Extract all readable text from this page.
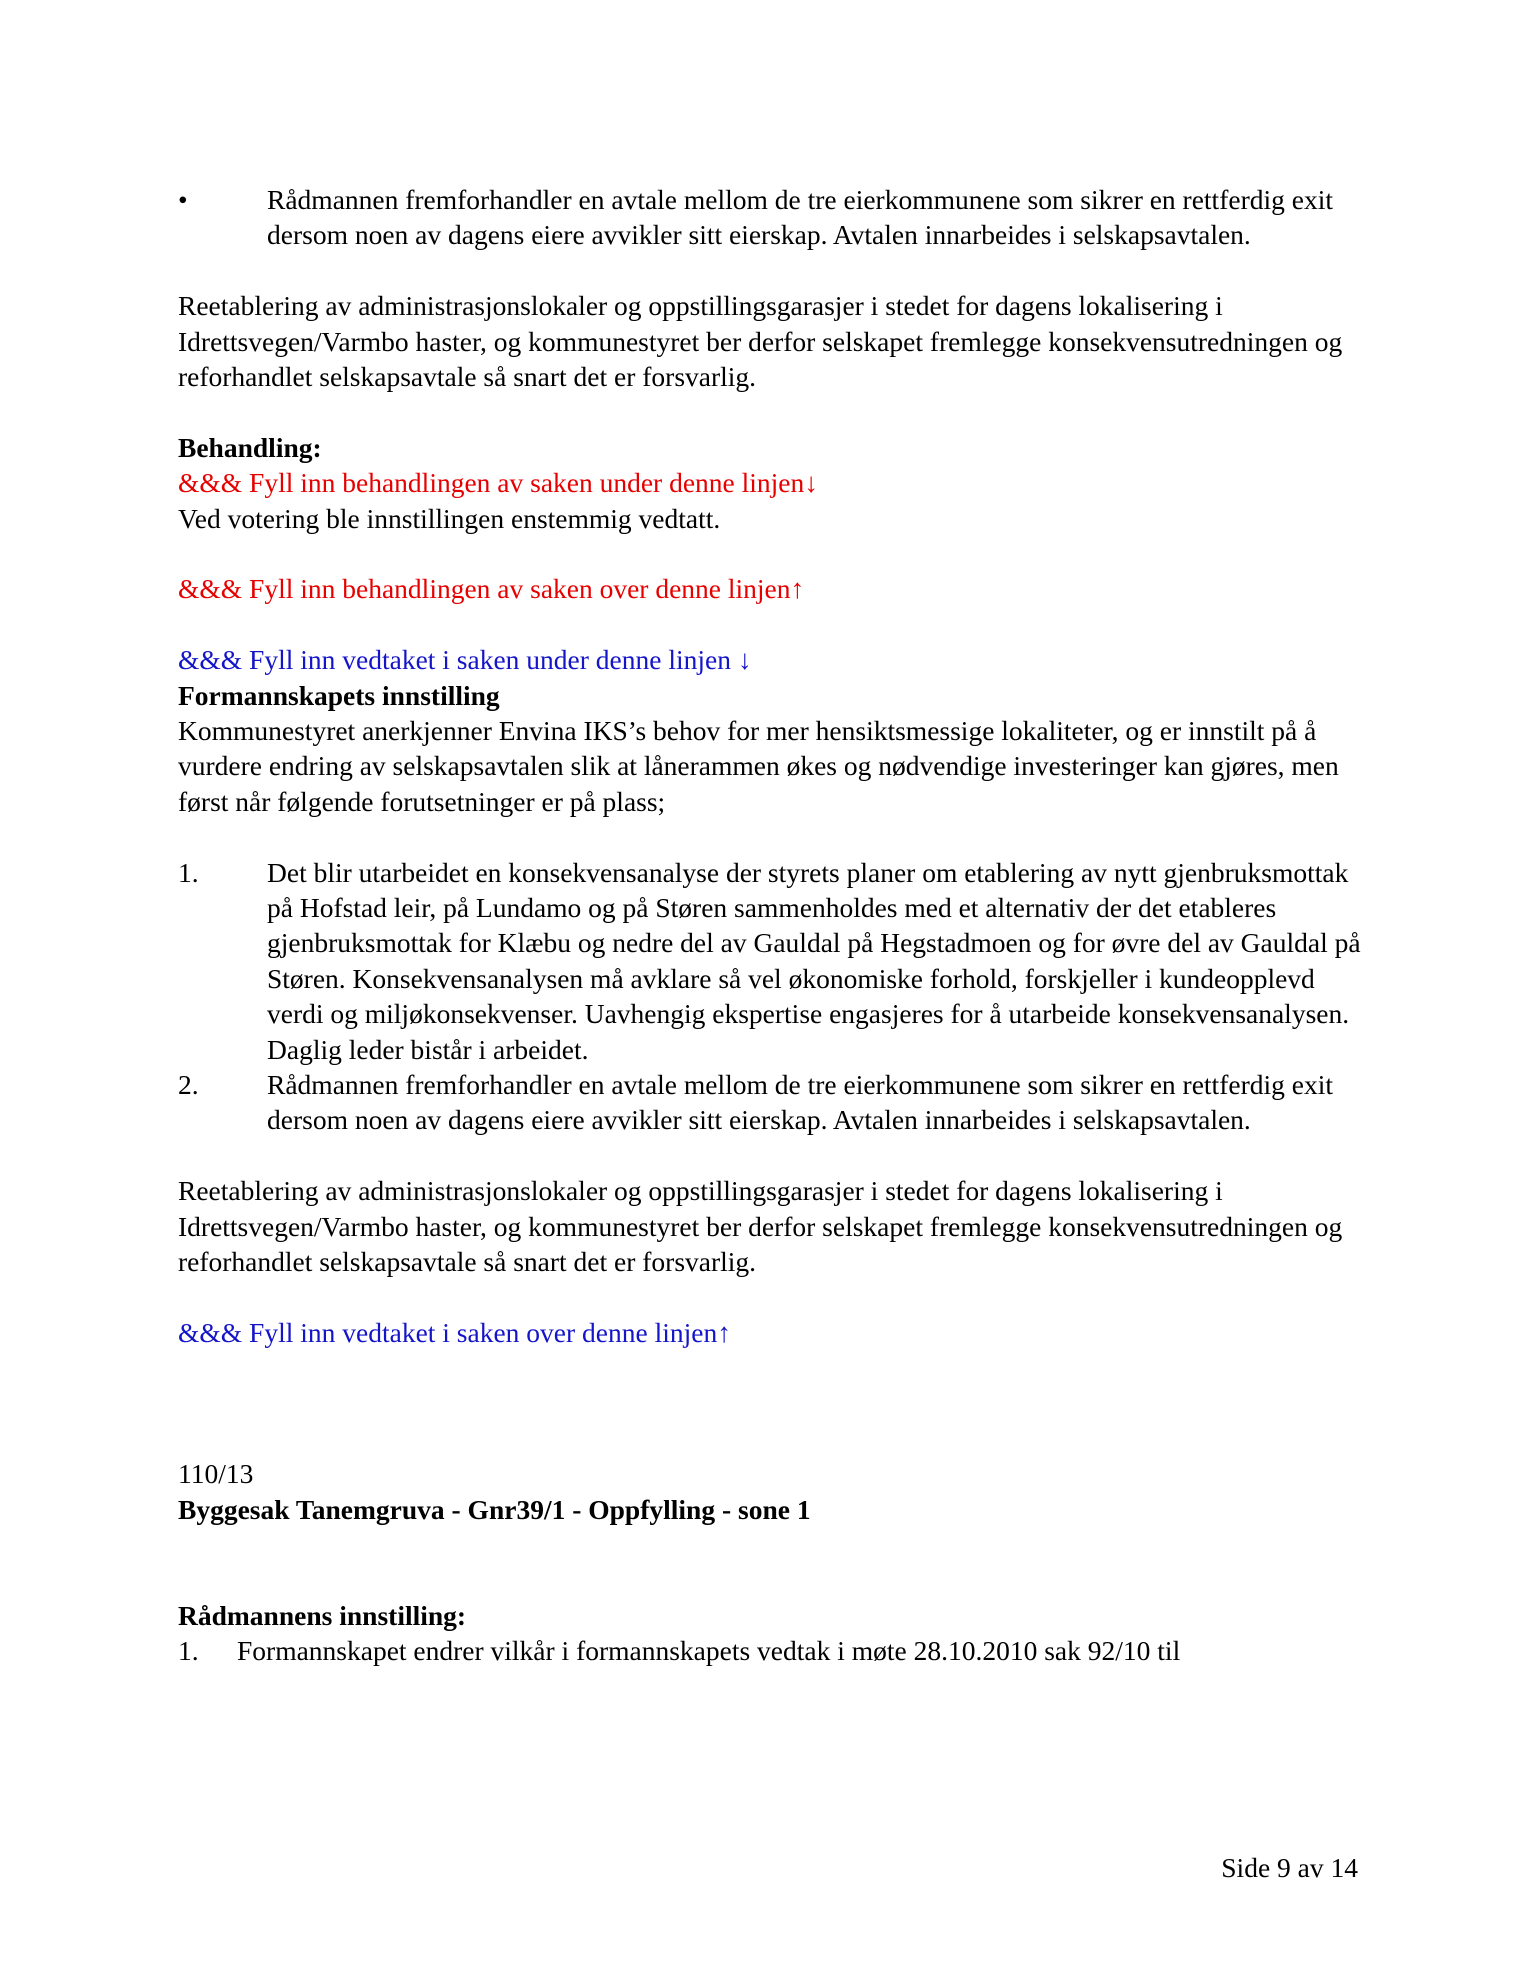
•	Rådmannen fremforhandler en avtale mellom de tre eierkommunene som sikrer en rettferdig exit dersom noen av dagens eiere avvikler sitt eierskap. Avtalen innarbeides i selskapsavtalen.

Reetablering av administrasjonslokaler og oppstillingsgarasjer i stedet for dagens lokalisering i Idrettsvegen/Varmbo haster, og kommunestyret ber derfor selskapet fremlegge konsekvensutredningen og reforhandlet selskapsavtale så snart det er forsvarlig.

Behandling:

&&& Fyll inn behandlingen av saken under denne linjen↓

Ved votering ble innstillingen enstemmig vedtatt.

&&& Fyll inn behandlingen av saken over denne linjen↑

&&& Fyll inn vedtaket i saken under denne linjen ↓

Formannskapets innstilling

Kommunestyret anerkjenner Envina IKS’s behov for mer hensiktsmessige lokaliteter, og er innstilt på å vurdere endring av selskapsavtalen slik at lånerammen økes og nødvendige investeringer kan gjøres, men først når følgende forutsetninger er på plass;

1.	Det blir utarbeidet en konsekvensanalyse der styrets planer om etablering av nytt gjenbruksmottak på Hofstad leir, på Lundamo og på Støren sammenholdes med et alternativ der det etableres gjenbruksmottak for Klæbu og nedre del av Gauldal på Hegstadmoen og for øvre del av Gauldal på Støren. Konsekvensanalysen må avklare så vel økonomiske forhold, forskjeller i kundeopplevd verdi og miljøkonsekvenser. Uavhengig ekspertise engasjeres for å utarbeide konsekvensanalysen. Daglig leder bistår i arbeidet.
2.	Rådmannen fremforhandler en avtale mellom de tre eierkommunene som sikrer en rettferdig exit dersom noen av dagens eiere avvikler sitt eierskap. Avtalen innarbeides i selskapsavtalen.

Reetablering av administrasjonslokaler og oppstillingsgarasjer i stedet for dagens lokalisering i Idrettsvegen/Varmbo haster, og kommunestyret ber derfor selskapet fremlegge konsekvensutredningen og reforhandlet selskapsavtale så snart det er forsvarlig.

&&& Fyll inn vedtaket i saken over denne linjen↑

110/13

Byggesak Tanemgruva - Gnr39/1 - Oppfylling - sone 1

Rådmannens innstilling:

1.	Formannskapet endrer vilkår i formannskapets vedtak i møte 28.10.2010 sak 92/10 til
Side 9 av 14
